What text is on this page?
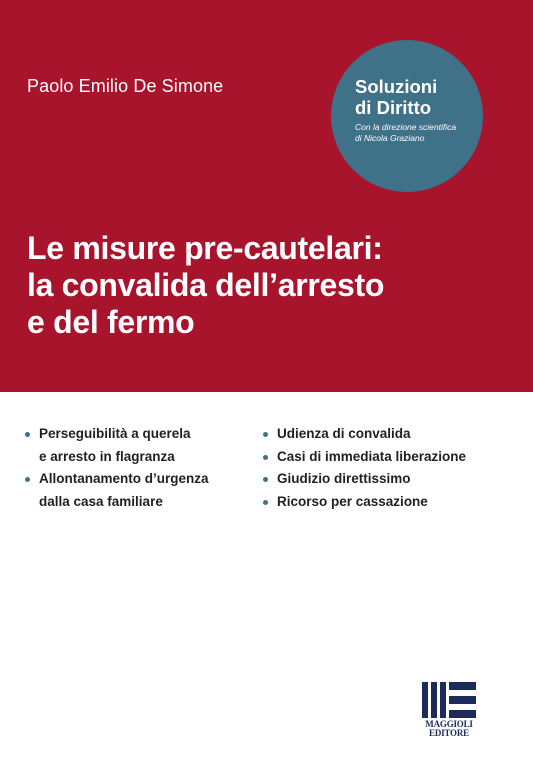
Paolo Emilio De Simone	Soluzioni
di Diritto
Con la direzione scientifica
di Nicola Graziano
Le misure pre-cautelari:
la convalida dell’arresto
e del fermo
Perseguibilità a querela
e arresto in flagranza
Allontanamento d’urgenza
dalla casa familiare
Udienza di convalida
Casi di immediata liberazione
Giudizio direttissimo
Ricorso per cassazione
MAGGIOLI
EDITORE
